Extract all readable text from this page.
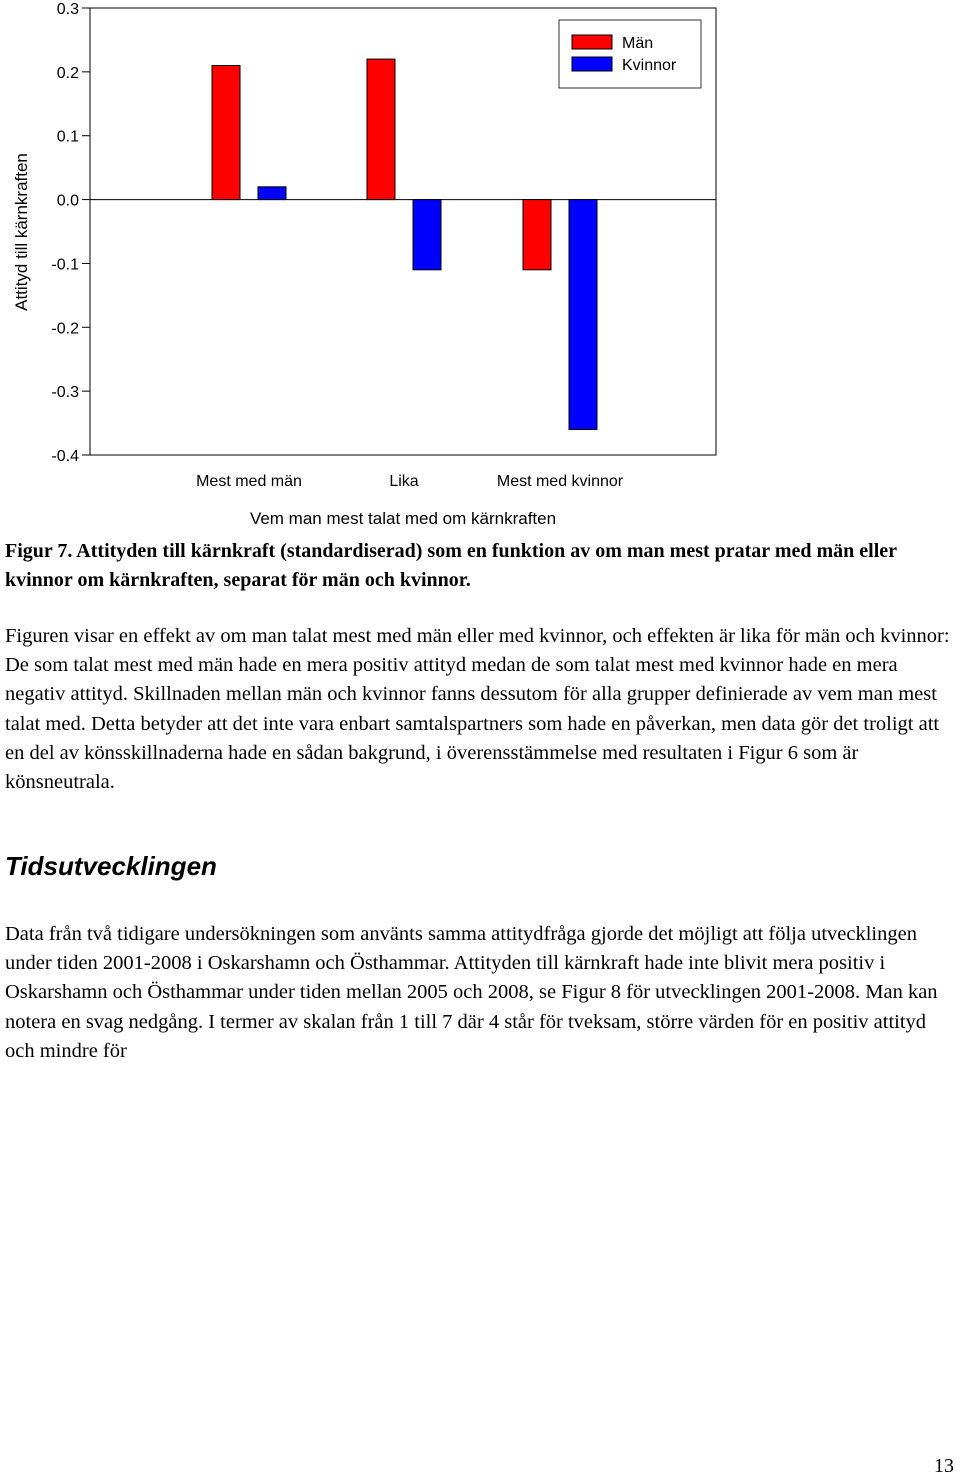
Attityd till kärnkraften
Vem man mest talat med om kärnkraften
0.3
0.2
0.1
0.0
-0.1
-0.2
-0.3
-0.4
Mest med män	Lika	Mest med kvinnor
Män
Kvinnor
Figur 7. Attityden till kärnkraft (standardiserad) som en funktion av om man mest pratar med män eller kvinnor om kärnkraften, separat för män och kvinnor.

Figuren visar en effekt av om man talat mest med män eller med kvinnor, och effekten är lika för män och kvinnor: De som talat mest med män hade en mera positiv attityd medan de som talat mest med kvinnor hade en mera negativ attityd. Skillnaden mellan män och kvinnor fanns dessutom för alla grupper definierade av vem man mest talat med. Detta betyder att det inte vara enbart samtalspartners som hade en påverkan, men data gör det troligt att en del av könsskillnaderna hade en sådan bakgrund, i överensstämmelse med resultaten i Figur 6 som är könsneutrala.

Tidsutvecklingen

Data från två tidigare undersökningen som använts samma attitydfråga gjorde det möjligt att följa utvecklingen under tiden 2001-2008 i Oskarshamn och Östhammar. Attityden till kärnkraft hade inte blivit mera positiv i Oskarshamn och Östhammar under tiden mellan 2005 och 2008, se Figur 8 för utvecklingen 2001-2008. Man kan notera en svag nedgång. I termer av skalan från 1 till 7 där 4 står för tveksam, större värden för en positiv attityd och mindre för

13
